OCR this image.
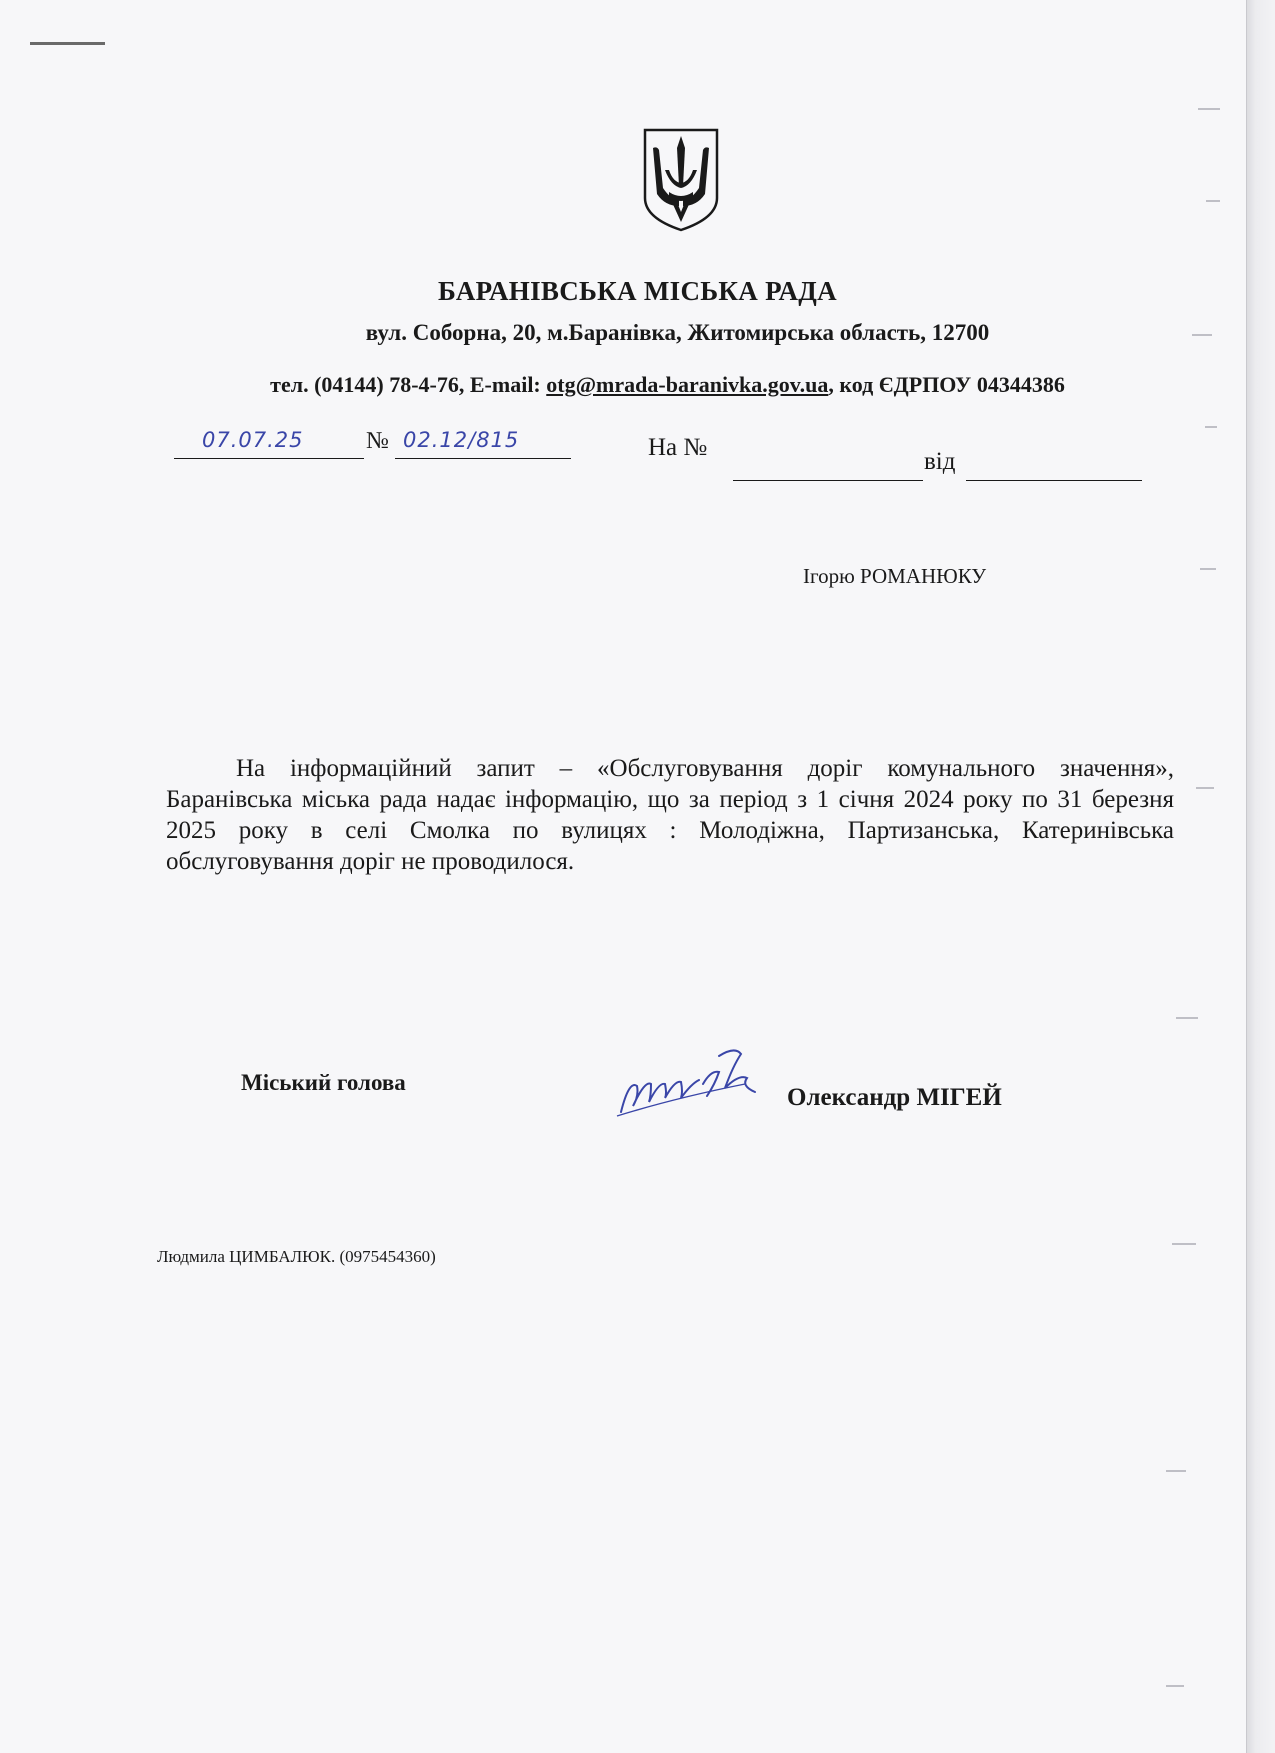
БАРАНІВСЬКА МІСЬКА РАДА
вул. Соборна, 20, м.Баранівка, Житомирська область, 12700
тел. (04144) 78-4-76, E-mail: otg@mrada-baranivka.gov.ua, код ЄДРПОУ 04344386
07.07.25	№ 02.12/815	На №
від
Ігорю РОМАНЮКУ

На інформаційний запит – «Обслуговування доріг комунального значення», Баранівська міська рада надає інформацію, що за період з 1 січня 2024 року по 31 березня 2025 року в селі Смолка по вулицях : Молодіжна, Партизанська, Катеринівська обслуговування доріг не проводилося.

Міський голова
Олександр МІГЕЙ
Людмила ЦИМБАЛЮК. (0975454360)
